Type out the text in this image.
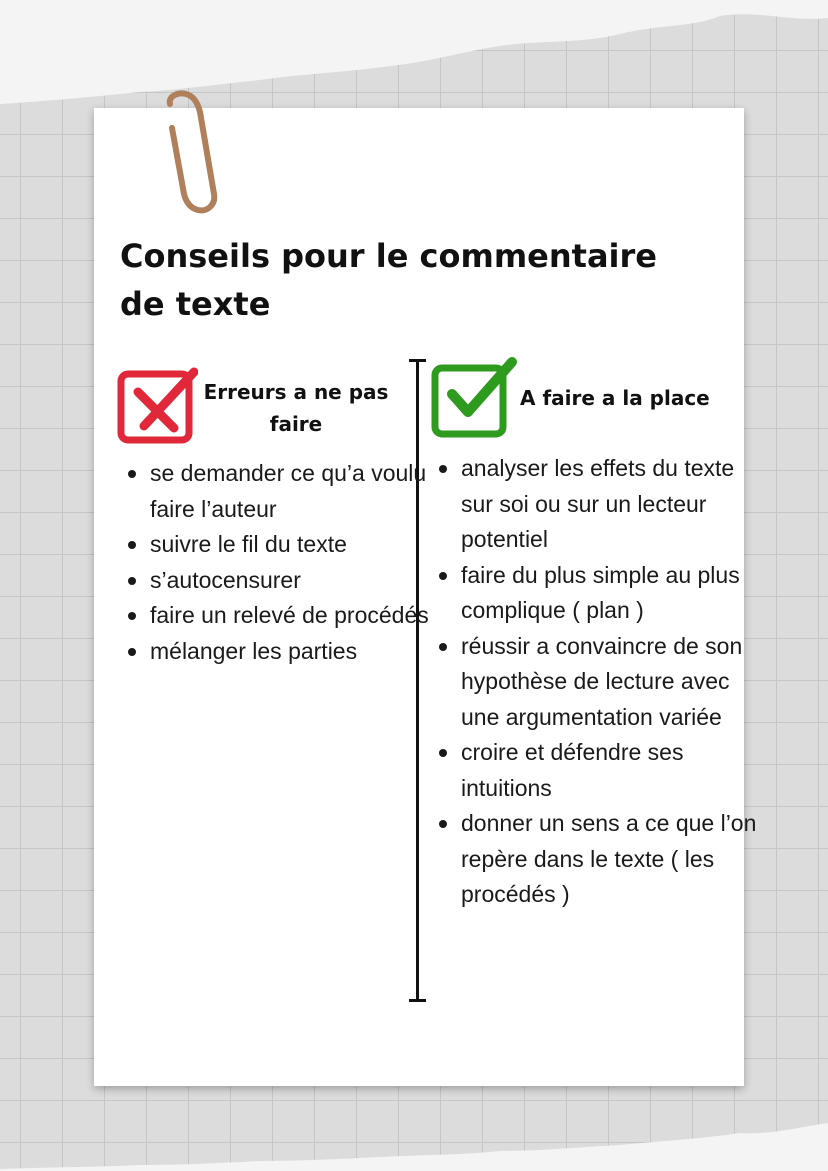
Conseils pour le commentaire
de texte
Erreurs a ne pas
faire
A faire a la place
se demander ce qu’a voulu faire l’auteur
suivre le fil du texte
s’autocensurer
faire un relevé de procédés
mélanger les parties
analyser les effets du texte sur soi ou sur un lecteur potentiel
faire du plus simple au plus complique ( plan )
réussir a convaincre de son hypothèse de lecture avec une argumentation variée
croire et défendre ses intuitions
donner un sens a ce que l’on repère dans le texte ( les procédés )
